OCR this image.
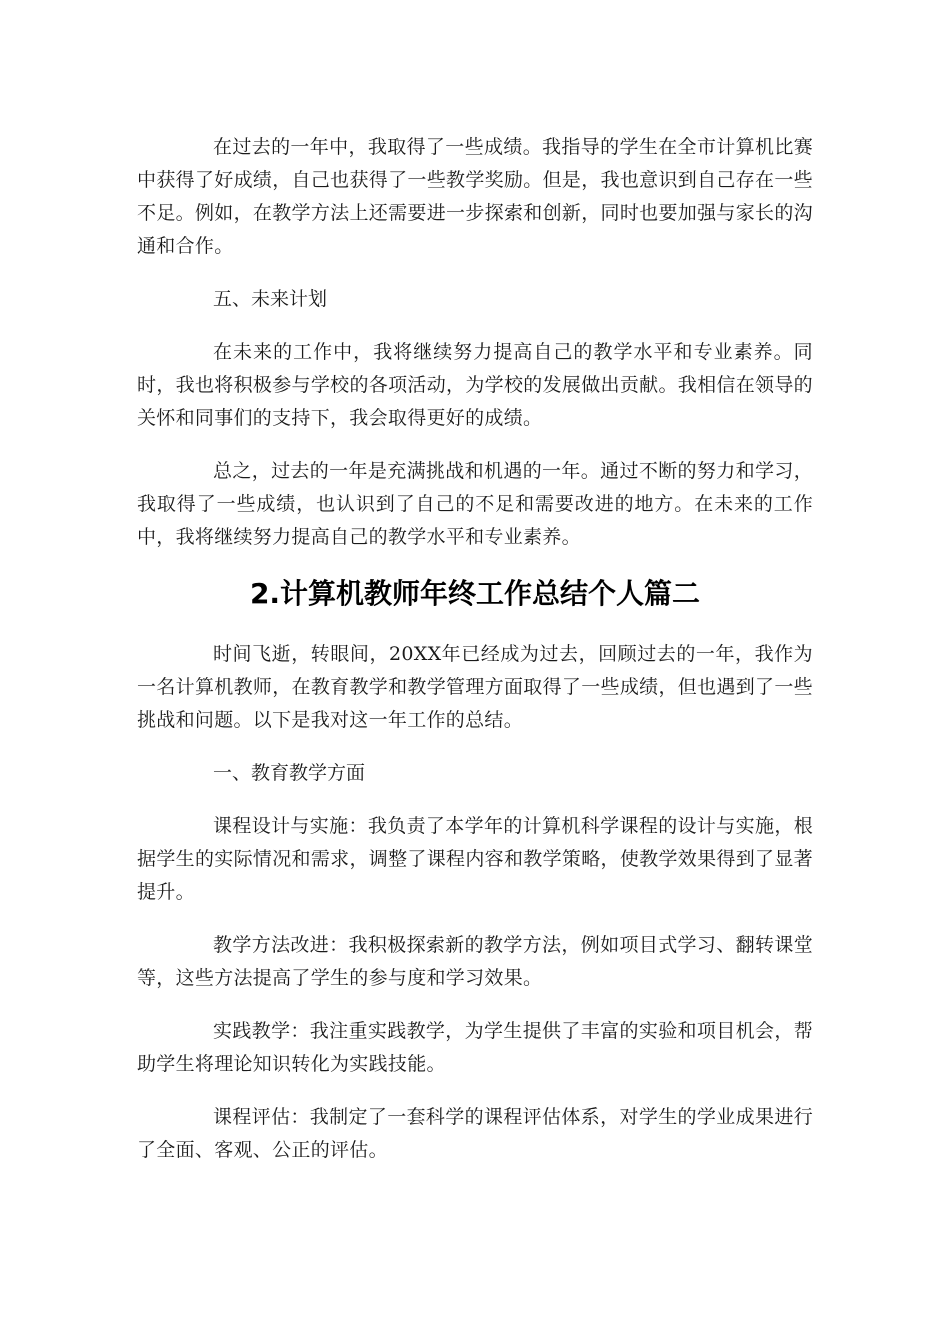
在过去的一年中，我取得了一些成绩。我指导的学生在全市计算机比赛中获得了好成绩，自己也获得了一些教学奖励。但是，我也意识到自己存在一些不足。例如，在教学方法上还需要进一步探索和创新，同时也要加强与家长的沟通和合作。

五、未来计划

在未来的工作中，我将继续努力提高自己的教学水平和专业素养。同时，我也将积极参与学校的各项活动，为学校的发展做出贡献。我相信在领导的关怀和同事们的支持下，我会取得更好的成绩。

总之，过去的一年是充满挑战和机遇的一年。通过不断的努力和学习，我取得了一些成绩，也认识到了自己的不足和需要改进的地方。在未来的工作中，我将继续努力提高自己的教学水平和专业素养。

2.计算机教师年终工作总结个人篇二

时间飞逝，转眼间，20XX年已经成为过去，回顾过去的一年，我作为一名计算机教师，在教育教学和教学管理方面取得了一些成绩，但也遇到了一些挑战和问题。以下是我对这一年工作的总结。

一、教育教学方面

课程设计与实施：我负责了本学年的计算机科学课程的设计与实施，根据学生的实际情况和需求，调整了课程内容和教学策略，使教学效果得到了显著提升。

教学方法改进：我积极探索新的教学方法，例如项目式学习、翻转课堂等，这些方法提高了学生的参与度和学习效果。

实践教学：我注重实践教学，为学生提供了丰富的实验和项目机会，帮助学生将理论知识转化为实践技能。

课程评估：我制定了一套科学的课程评估体系，对学生的学业成果进行了全面、客观、公正的评估。
